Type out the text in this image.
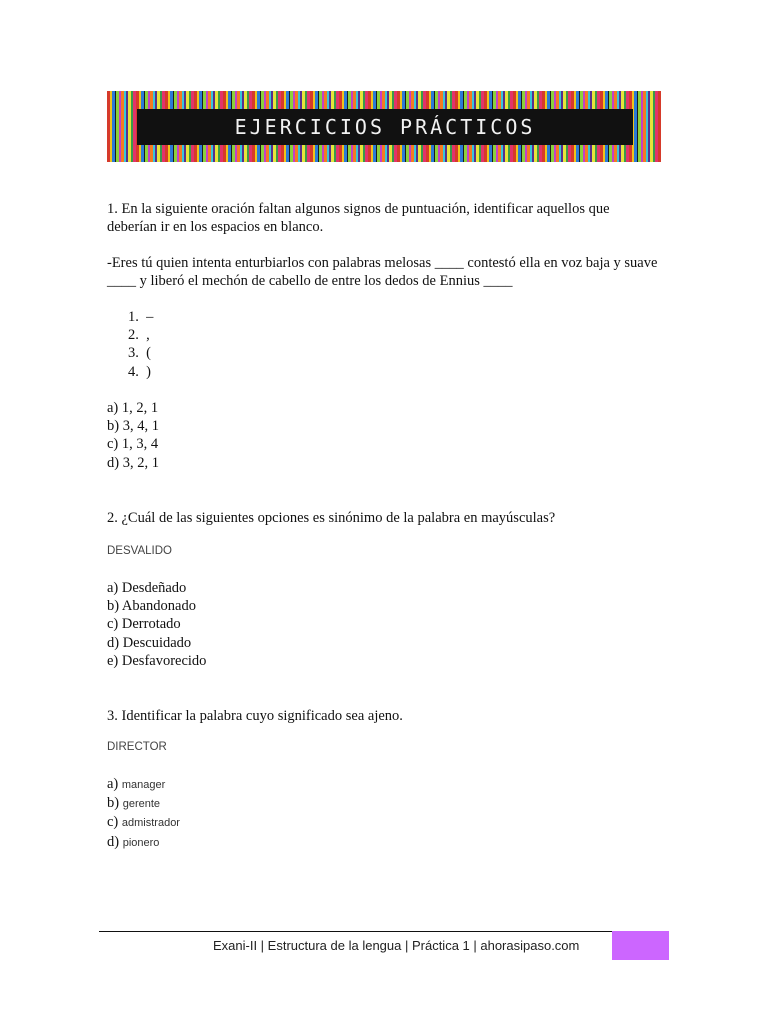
EJERCICIOS PRÁCTICOS
1. En la siguiente oración faltan algunos signos de puntuación, identificar aquellos que deberían ir en los espacios en blanco.
-Eres tú quien intenta enturbiarlos con palabras melosas ____ contestó ella en voz baja y suave ____ y liberó el mechón de cabello de entre los dedos de Ennius ____
1.  –
2.  ,
3.  (
4.  )
a) 1, 2, 1
b) 3, 4, 1
c) 1, 3, 4
d) 3, 2, 1
2. ¿Cuál de las siguientes opciones es sinónimo de la palabra en mayúsculas?
DESVALIDO
a) Desdeñado
b) Abandonado
c) Derrotado
d) Descuidado
e) Desfavorecido
3. Identificar la palabra cuyo significado sea ajeno.
DIRECTOR
a) manager
b) gerente
c) admistrador
d) pionero
Exani-II | Estructura de la lengua | Práctica 1 | ahorasipaso.com
